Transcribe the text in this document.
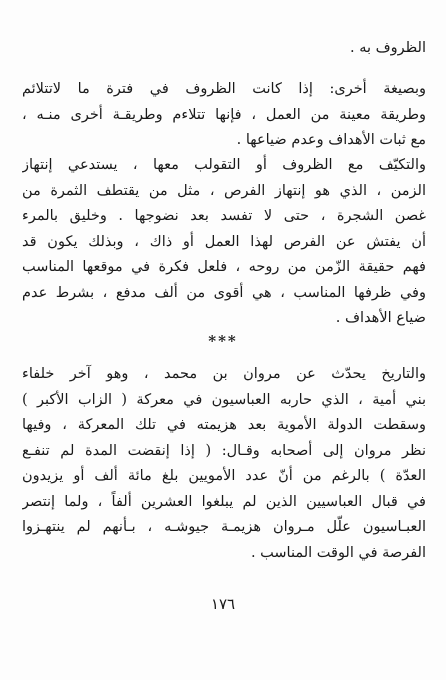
الظروف به .
وبصيغة أخرى: إذا كانت الظروف في فترة ما لاتتلائم
وطريقة معينة من العمل ، فإنها تتلاءم وطريقـة أخرى منـه ،
مع ثبات الأهداف وعدم ضياعها .
والتكيّف مع الظروف أو التقولب معها ، يستدعي إنتهاز
الزمن ، الذي هو إنتهاز الفرص ، مثل من يقتطف الثمرة من
غصن الشجرة ، حتى لا تفسد بعد نضوجها . وخليق بالمرء
أن يفتش عن الفرص لهذا العمل أو ذاك ، وبذلك يكون قد
فهم حقيقة الزّمن من روحه ، فلعل فكرة في موقعها المناسب
وفي ظرفها المناسب ، هي أقوى من ألف مدفع ، بشرط عدم
ضياع الأهداف .
***
والتاريخ يحدّث عن مروان بن محمد ، وهو آخر خلفاء
بني أمية ، الذي حاربه العباسيون في معركة ( الزاب الأكبر )
وسقطت الدولة الأموية بعد هزيمته في تلك المعركة ، وفيها
نظر مروان إلى أصحابه وقـال: ( إذا إنقضت المدة لم تنفـع
العدّة ) بالرغم من أنّ عدد الأمويين بلغ مائة ألف أو يزيدون
في قبال العباسيين الذين لم يبلغوا العشرين ألفاً ، ولما إنتصر
العبـاسيون علّل مـروان هزيمـة جيوشـه ، بـأنهم لم ينتهـزوا
الفرصة في الوقت المناسب .
١٧٦
